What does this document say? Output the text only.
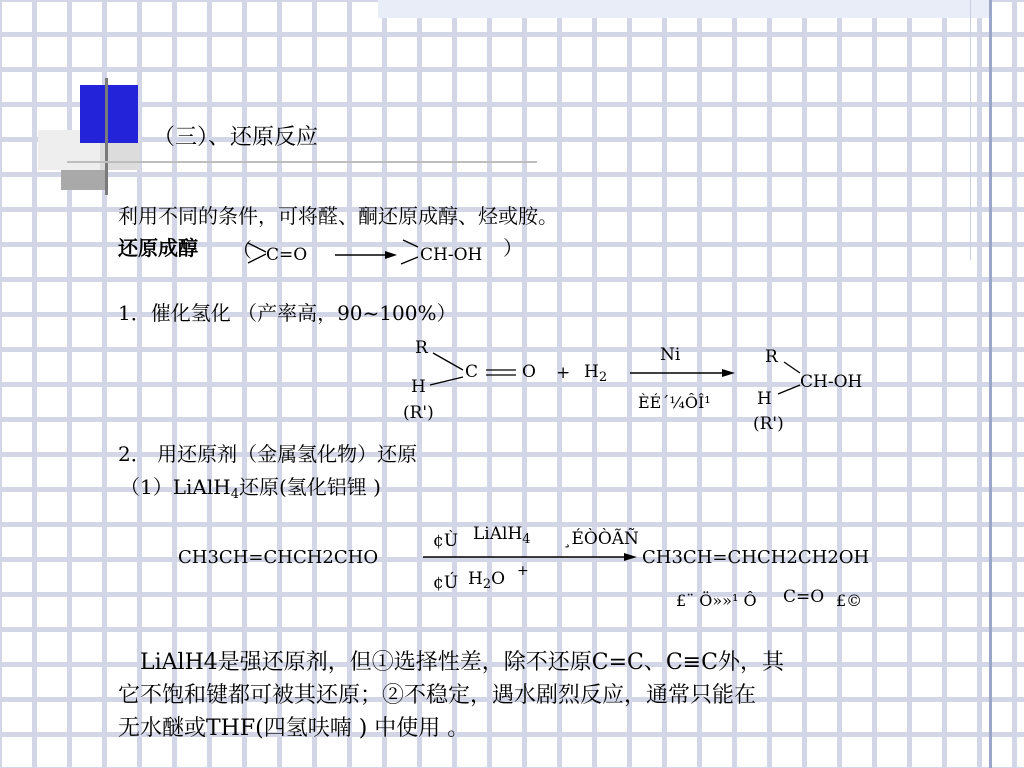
（三）、还原反应
利用不同的条件，可将醛、酮还原成醇、烃或胺。
还原成醇 （ C=O	CH-OH ）
1．催化氢化 （产率高，90~100%）
R
H
(R')
C	$O + H_2$
Ni
ÈÉ´¼ÔÎ¹
R
H
CH-OH
(R')
2． 用还原剂（金属氢化物）还原
（1）LiAlH$_4$还原(氢化铝锂 )
CH3CH=CHCH2CHO
¢Ù LiAlH$_4$ ¸ÉÒÒÃÑ
¢Ú $H_2O$ +
CH3CH=CHCH2CH2OH
£¨ Ö»»¹ Ô C=O £©
LiAlH4是强还原剂，但①选择性差，除不还原C=C、C≡C外，其
它不饱和键都可被其还原；②不稳定，遇水剧烈反应，通常只能在
无水醚或THF(四氢呋喃 ) 中使用 。
